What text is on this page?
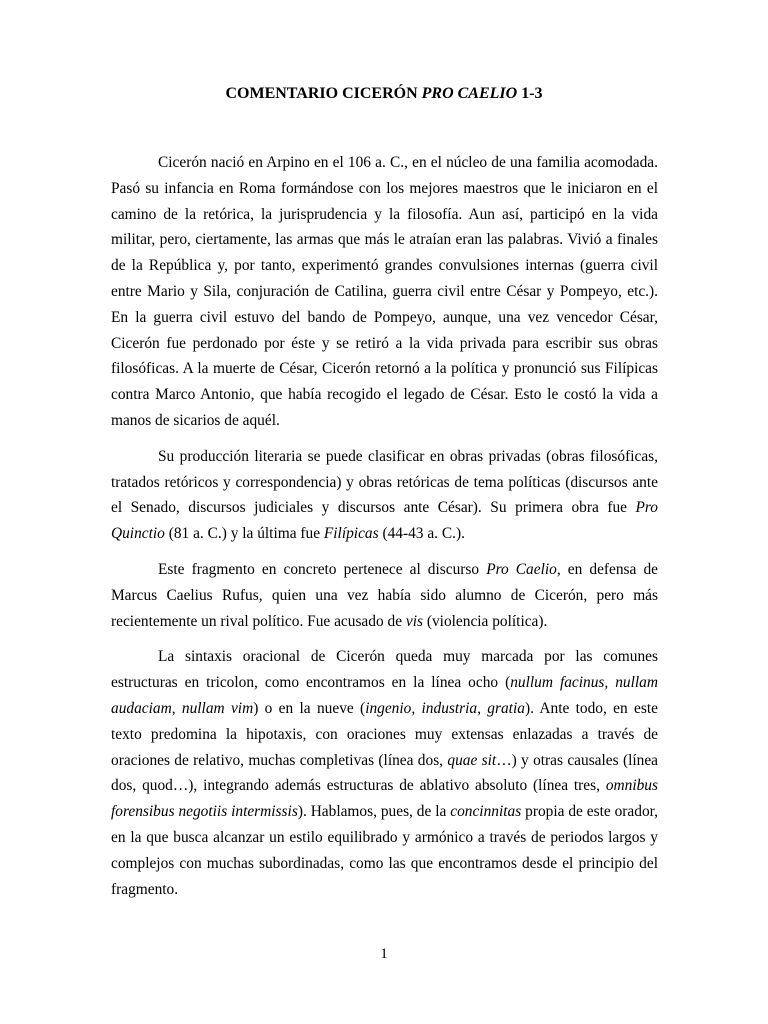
COMENTARIO CICERÓN PRO CAELIO 1-3

Cicerón nació en Arpino en el 106 a. C., en el núcleo de una familia acomodada. Pasó su infancia en Roma formándose con los mejores maestros que le iniciaron en el camino de la retórica, la jurisprudencia y la filosofía. Aun así, participó en la vida militar, pero, ciertamente, las armas que más le atraían eran las palabras. Vivió a finales de la República y, por tanto, experimentó grandes convulsiones internas (guerra civil entre Mario y Sila, conjuración de Catilina, guerra civil entre César y Pompeyo, etc.). En la guerra civil estuvo del bando de Pompeyo, aunque, una vez vencedor César, Cicerón fue perdonado por éste y se retiró a la vida privada para escribir sus obras filosóficas. A la muerte de César, Cicerón retornó a la política y pronunció sus Filípicas contra Marco Antonio, que había recogido el legado de César. Esto le costó la vida a manos de sicarios de aquél.

Su producción literaria se puede clasificar en obras privadas (obras filosóficas, tratados retóricos y correspondencia) y obras retóricas de tema políticas (discursos ante el Senado, discursos judiciales y discursos ante César). Su primera obra fue Pro Quinctio (81 a. C.) y la última fue Filípicas (44-43 a. C.).

Este fragmento en concreto pertenece al discurso Pro Caelio, en defensa de Marcus Caelius Rufus, quien una vez había sido alumno de Cicerón, pero más recientemente un rival político. Fue acusado de vis (violencia política).

La sintaxis oracional de Cicerón queda muy marcada por las comunes estructuras en tricolon, como encontramos en la línea ocho (nullum facinus, nullam audaciam, nullam vim) o en la nueve (ingenio, industria, gratia). Ante todo, en este texto predomina la hipotaxis, con oraciones muy extensas enlazadas a través de oraciones de relativo, muchas completivas (línea dos, quae sit…) y otras causales (línea dos, quod…), integrando además estructuras de ablativo absoluto (línea tres, omnibus forensibus negotiis intermissis). Hablamos, pues, de la concinnitas propia de este orador, en la que busca alcanzar un estilo equilibrado y armónico a través de periodos largos y complejos con muchas subordinadas, como las que encontramos desde el principio del fragmento.

1
